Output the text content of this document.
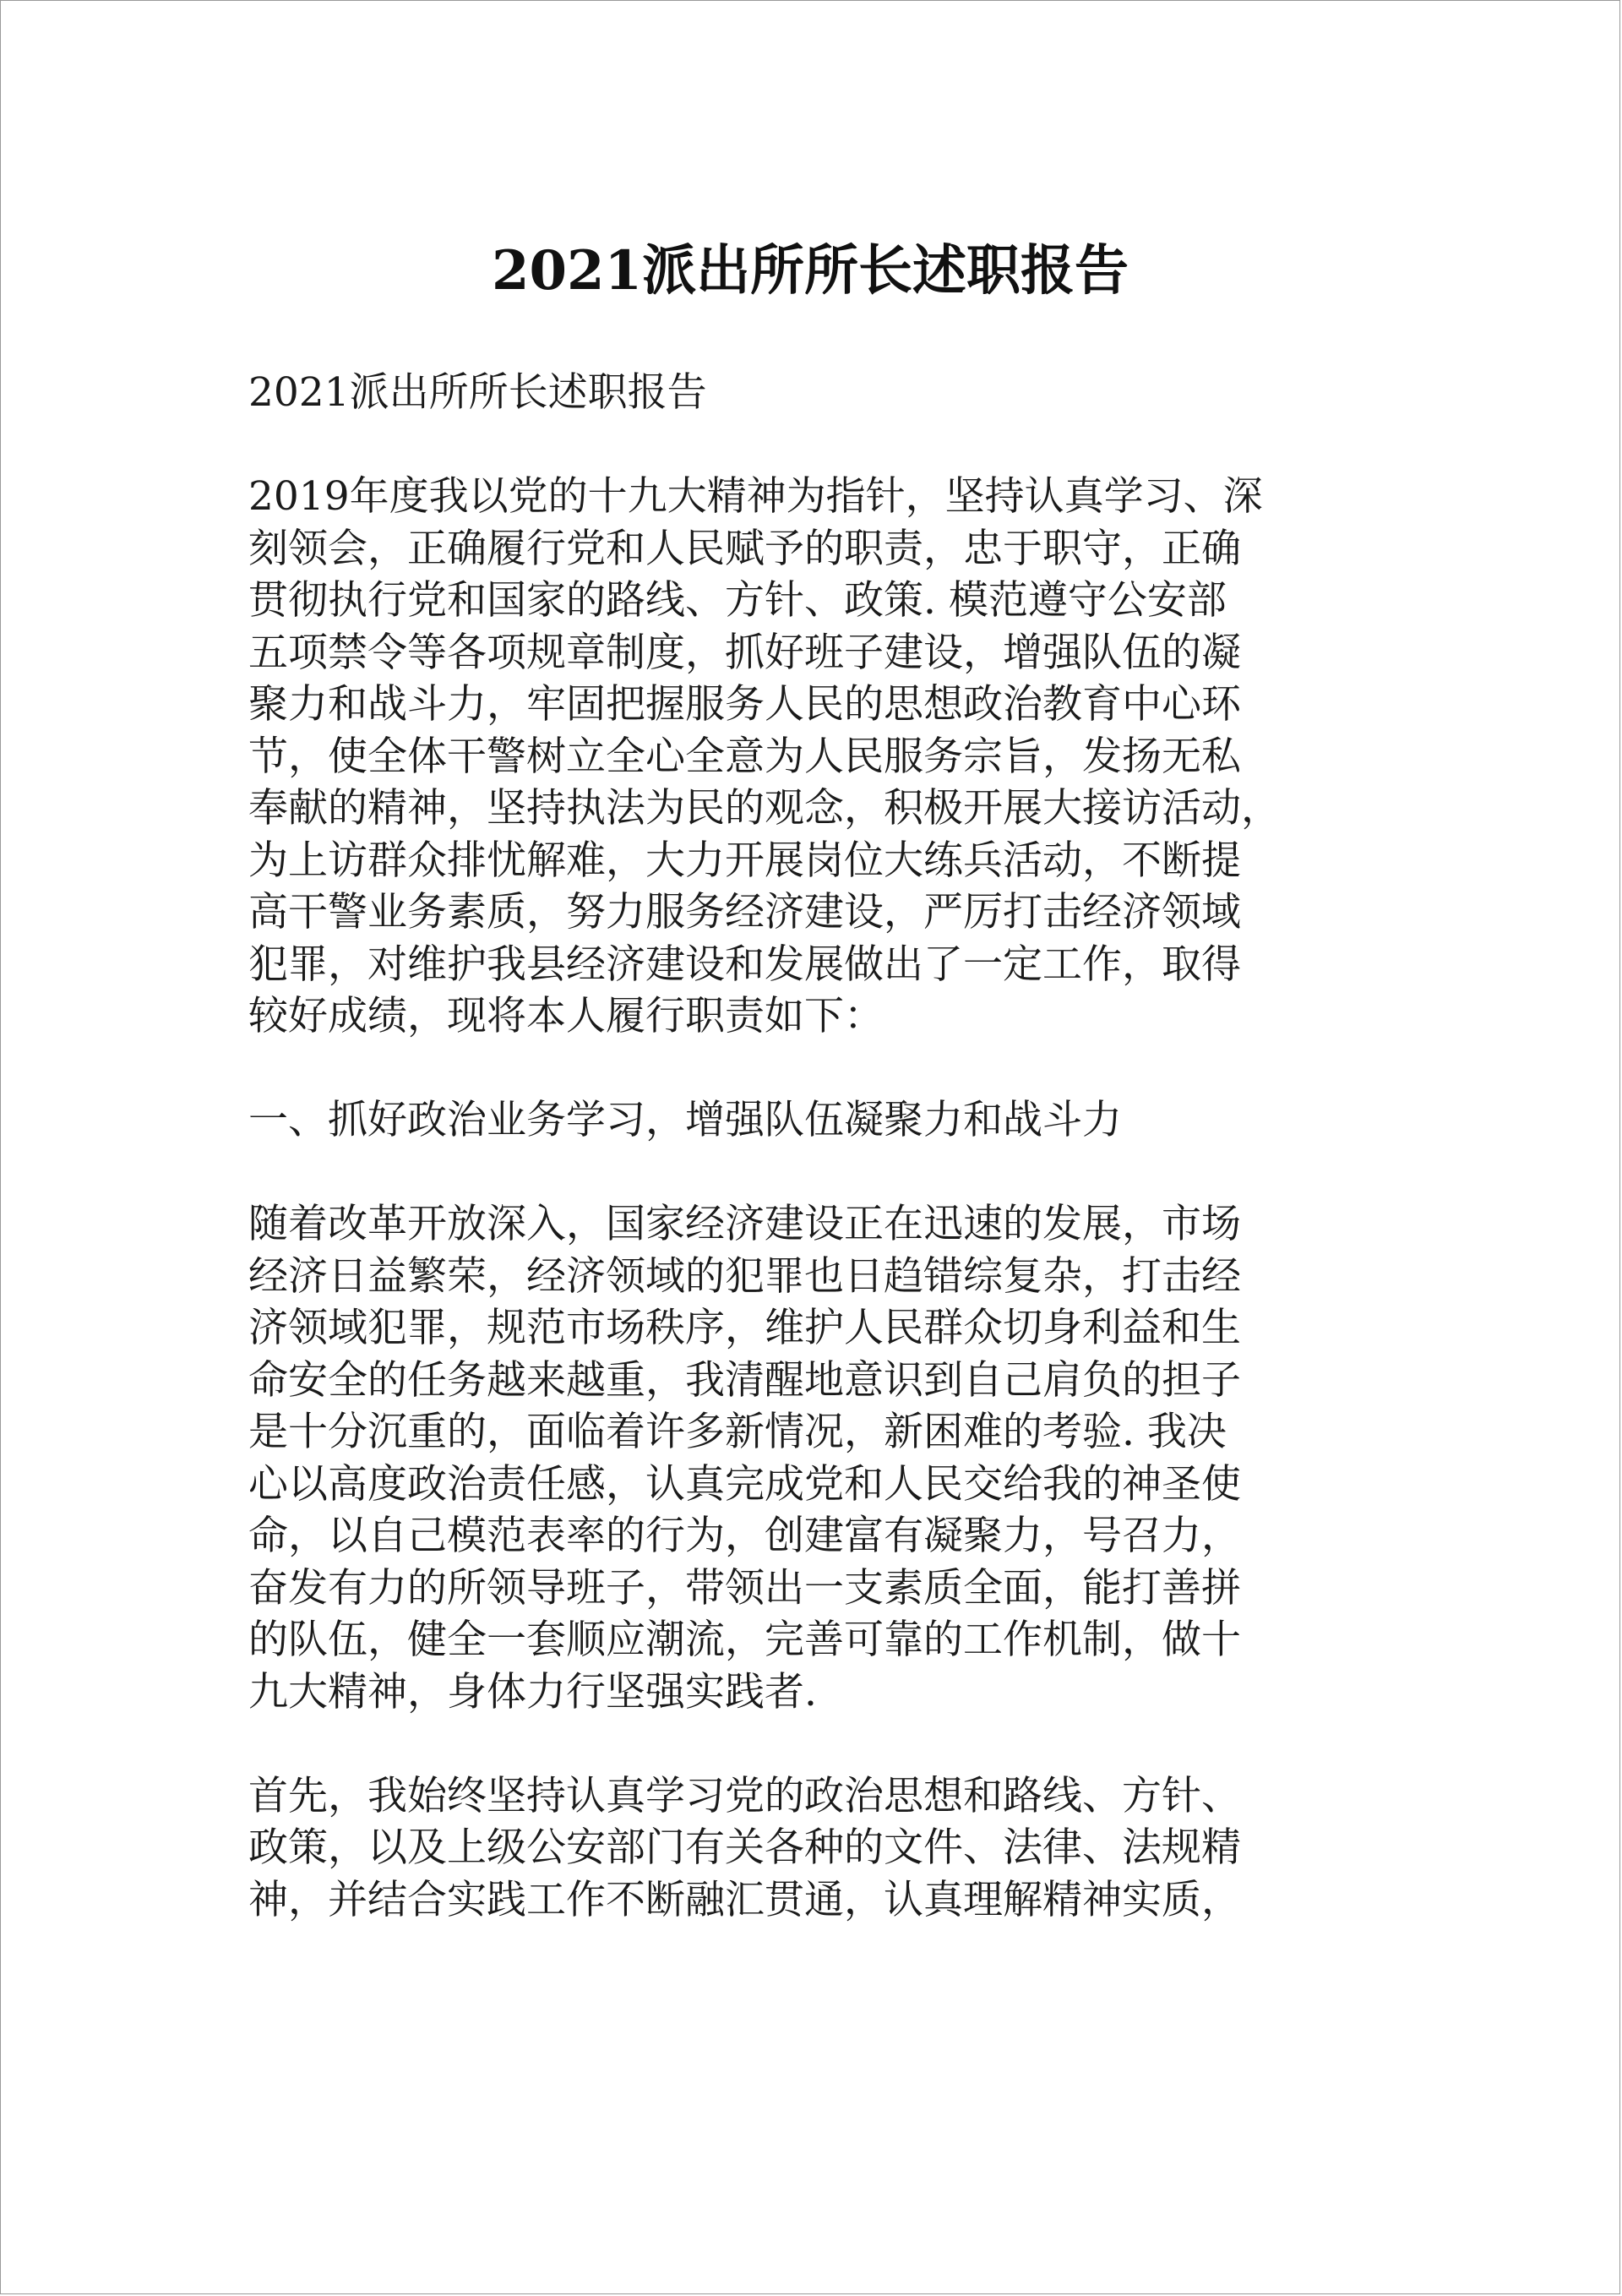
2021派出所所长述职报告

2021派出所所长述职报告

2019年度我以党的十九大精神为指针，坚持认真学习、深
刻领会，正确履行党和人民赋予的职责，忠于职守，正确
贯彻执行党和国家的路线、方针、政策. 模范遵守公安部
五项禁令等各项规章制度，抓好班子建设，增强队伍的凝
聚力和战斗力，牢固把握服务人民的思想政治教育中心环
节，使全体干警树立全心全意为人民服务宗旨，发扬无私
奉献的精神，坚持执法为民的观念，积极开展大接访活动，
为上访群众排忧解难，大力开展岗位大练兵活动，不断提
高干警业务素质，努力服务经济建设，严厉打击经济领域
犯罪，对维护我县经济建设和发展做出了一定工作，取得
较好成绩，现将本人履行职责如下：

一、抓好政治业务学习，增强队伍凝聚力和战斗力

随着改革开放深入，国家经济建设正在迅速的发展，市场
经济日益繁荣，经济领域的犯罪也日趋错综复杂，打击经
济领域犯罪，规范市场秩序，维护人民群众切身利益和生
命安全的任务越来越重，我清醒地意识到自己肩负的担子
是十分沉重的，面临着许多新情况，新困难的考验. 我决
心以高度政治责任感，认真完成党和人民交给我的神圣使
命，以自己模范表率的行为，创建富有凝聚力，号召力，
奋发有力的所领导班子，带领出一支素质全面，能打善拼
的队伍，健全一套顺应潮流，完善可靠的工作机制，做十
九大精神，身体力行坚强实践者.

首先，我始终坚持认真学习党的政治思想和路线、方针、
政策，以及上级公安部门有关各种的文件、法律、法规精
神，并结合实践工作不断融汇贯通，认真理解精神实质，
